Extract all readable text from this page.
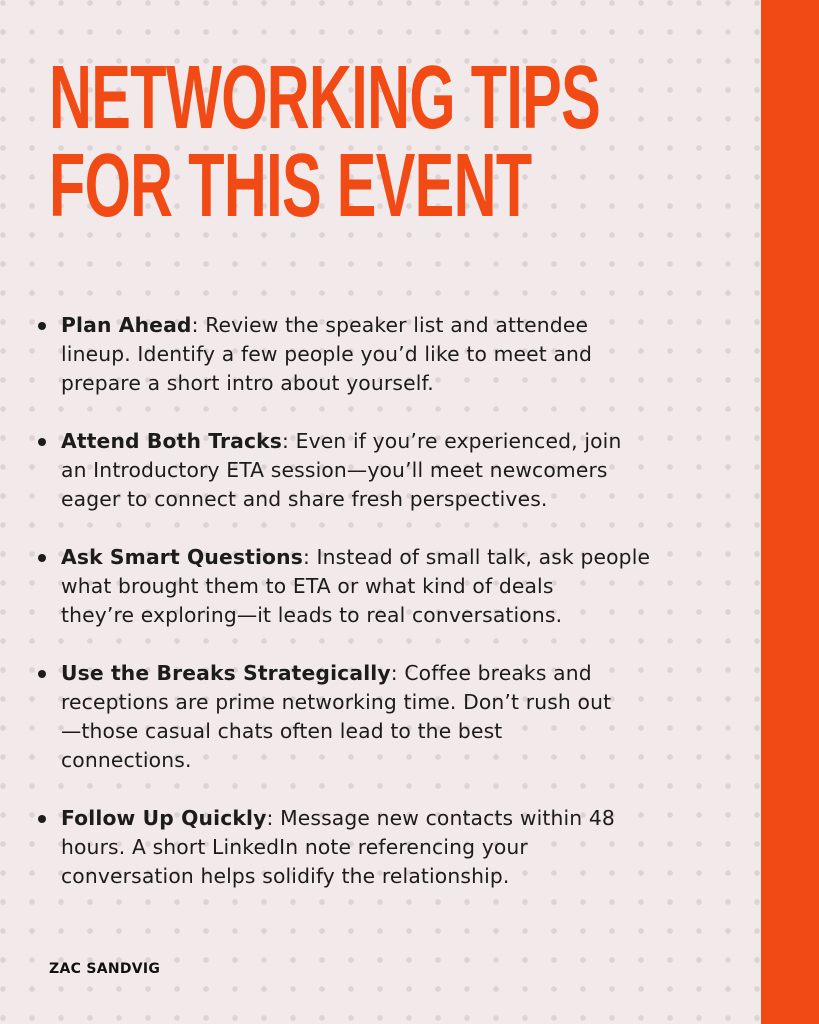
NETWORKING TIPS
FOR THIS EVENT
Plan Ahead: Review the speaker list and attendee
lineup. Identify a few people you’d like to meet and
prepare a short intro about yourself.
Attend Both Tracks: Even if you’re experienced, join
an Introductory ETA session—you’ll meet newcomers
eager to connect and share fresh perspectives.
Ask Smart Questions: Instead of small talk, ask people
what brought them to ETA or what kind of deals
they’re exploring—it leads to real conversations.
Use the Breaks Strategically: Coffee breaks and
receptions are prime networking time. Don’t rush out
—those casual chats often lead to the best
connections.
Follow Up Quickly: Message new contacts within 48
hours. A short LinkedIn note referencing your
conversation helps solidify the relationship.
ZAC SANDVIG
